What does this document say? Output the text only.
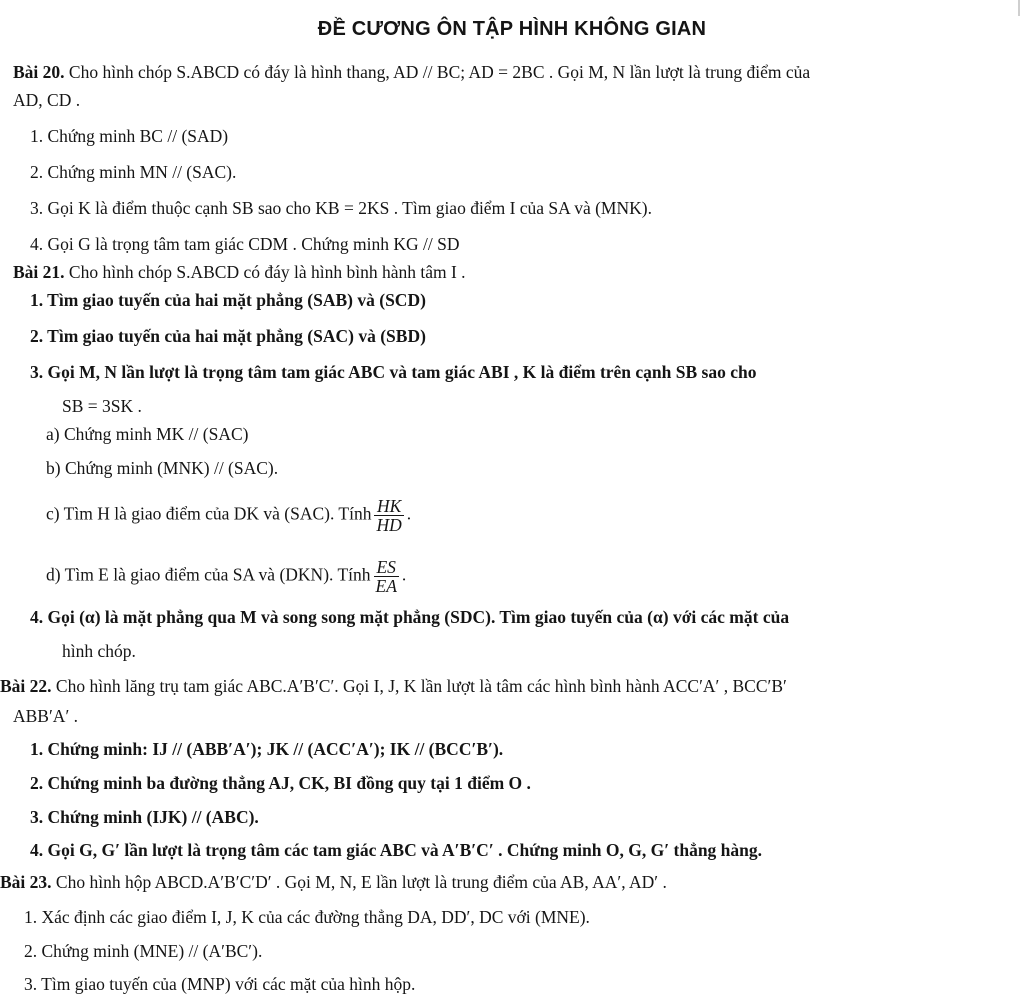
ĐỀ CƯƠNG ÔN TẬP HÌNH KHÔNG GIAN
Bài 20. Cho hình chóp S.ABCD có đáy là hình thang, AD // BC; AD = 2BC . Gọi M, N lần lượt là trung điểm của
AD, CD .
1. Chứng minh BC // (SAD)
2. Chứng minh MN // (SAC).
3. Gọi K là điểm thuộc cạnh SB sao cho KB = 2KS . Tìm giao điểm I của SA và (MNK).
4. Gọi G là trọng tâm tam giác CDM . Chứng minh KG // SD
Bài 21. Cho hình chóp S.ABCD có đáy là hình bình hành tâm I .
1. Tìm giao tuyến của hai mặt phẳng (SAB) và (SCD)
2. Tìm giao tuyến của hai mặt phẳng (SAC) và (SBD)
3. Gọi M, N lần lượt là trọng tâm tam giác ABC và tam giác ABI , K là điểm trên cạnh SB sao cho
SB = 3SK .
a) Chứng minh MK // (SAC)
b) Chứng minh (MNK) // (SAC).
c) Tìm H là giao điểm của DK và (SAC). Tính $\frac{HK}{HD}$ .
d) Tìm E là giao điểm của SA và (DKN). Tính $\frac{ES}{EA}$ .
4. Gọi (α) là mặt phẳng qua M và song song mặt phẳng (SDC). Tìm giao tuyến của (α) với các mặt của
hình chóp.
Bài 22. Cho hình lăng trụ tam giác ABC.A′B′C′. Gọi I, J, K lần lượt là tâm các hình bình hành ACC′A′ , BCC′B′
ABB′A′ .
1. Chứng minh: IJ // (ABB′A′); JK // (ACC′A′); IK // (BCC′B′).
2. Chứng minh ba đường thẳng AJ, CK, BI đồng quy tại 1 điểm O .
3. Chứng minh (IJK) // (ABC).
4. Gọi G, G′ lần lượt là trọng tâm các tam giác ABC và A′B′C′ . Chứng minh O, G, G′ thẳng hàng.
Bài 23. Cho hình hộp ABCD.A′B′C′D′ . Gọi M, N, E lần lượt là trung điểm của AB, AA′, AD′ .
1. Xác định các giao điểm I, J, K của các đường thẳng DA, DD′, DC với (MNE).
2. Chứng minh (MNE) // (A′BC′).
3. Tìm giao tuyến của (MNP) với các mặt của hình hộp.
